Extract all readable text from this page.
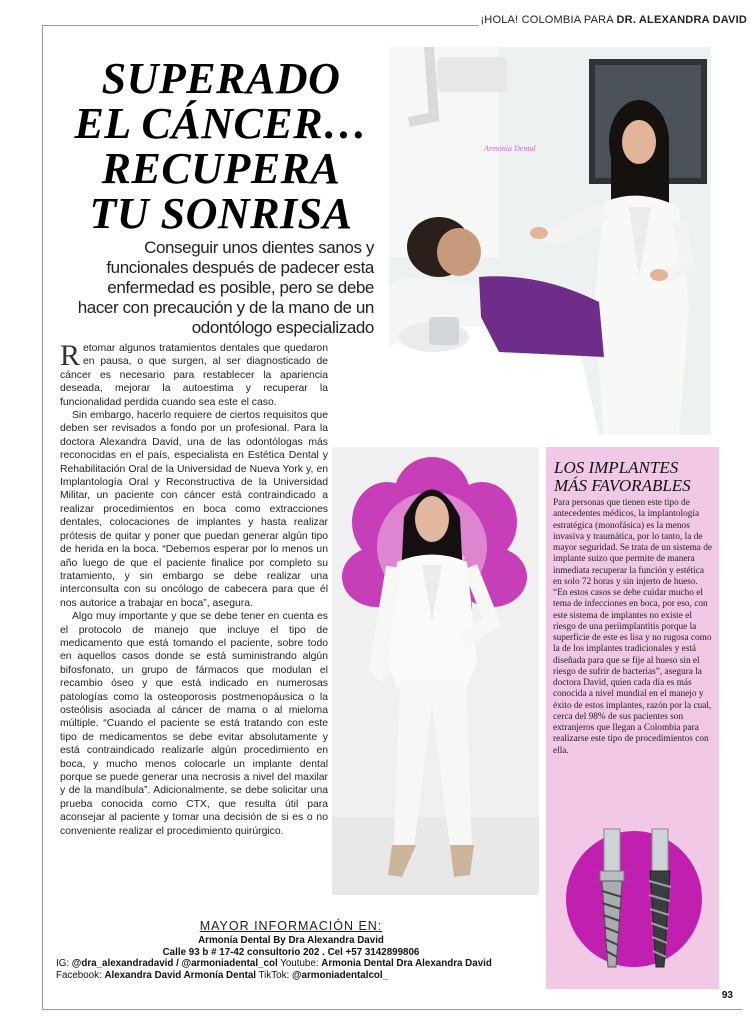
¡HOLA! COLOMBIA PARA DR. ALEXANDRA DAVID
SUPERADO
EL CÁNCER…
RECUPERA
TU SONRISA
Conseguir unos dientes sanos y funcionales después de padecer esta enfermedad es posible, pero se debe hacer con precaución y de la mano de un odontólogo especializado
Armonía Dental

Retomar algunos tratamientos dentales que quedaron en pausa, o que surgen, al ser diagnosticado de cáncer es necesario para restablecer la apariencia deseada, mejorar la autoestima y recuperar la funcionalidad perdida cuando sea este el caso.

Sin embargo, hacerlo requiere de ciertos requisitos que deben ser revisados a fondo por un profesional. Para la doctora Alexandra David, una de las odontólogas más reconocidas en el país, especialista en Estética Dental y Rehabilitación Oral de la Universidad de Nueva York y, en Implantología Oral y Reconstructiva de la Universidad Militar, un paciente con cáncer está contraindicado a realizar procedimientos en boca como extracciones dentales, colocaciones de implantes y hasta realizar prótesis de quitar y poner que puedan generar algún tipo de herida en la boca. “Debemos esperar por lo menos un año luego de que el paciente finalice por completo su tratamiento, y sin embargo se debe realizar una interconsulta con su oncólogo de cabecera para que él nos autorice a trabajar en boca”, asegura.

Algo muy importante y que se debe tener en cuenta es el protocolo de manejo que incluye el tipo de medicamento que está tomando el paciente, sobre todo en aquellos casos donde se está suministrando algún bifosfonato, un grupo de fármacos que modulan el recambio óseo y que está indicado en numerosas patologías como la osteoporosis postmenopáusica o la osteólisis asociada al cáncer de mama o al mieloma múltiple. “Cuando el paciente se está tratando con este tipo de medicamentos se debe evitar absolutamente y está contraindicado realizarle algún procedimiento en boca, y mucho menos colocarle un implante dental porque se puede generar una necrosis a nivel del maxilar y de la mandíbula”. Adicionalmente, se debe solicitar una prueba conocida como CTX, que resulta útil para aconsejar al paciente y tomar una decisión de si es o no conveniente realizar el procedimiento quirúrgico.

LOS IMPLANTES
MÁS FAVORABLES
Para personas que tienen este tipo de antecedentes médicos, la implantología estratégica (monofásica) es la menos invasiva y traumática, por lo tanto, la de mayor seguridad. Se trata de un sistema de implante suizo que permite de manera inmediata recuperar la función y estética en solo 72 horas y sin injerto de hueso. “En estos casos se debe cuidar mucho el tema de infecciones en boca, por eso, con este sistema de implantes no existe el riesgo de una periimplantitis porque la superficie de este es lisa y no rugosa como la de los implantes tradicionales y está diseñada para que se fije al hueso sin el riesgo de sufrir de bacterias”, asegura la doctora David, quien cada día es más conocida a nivel mundial en el manejo y éxito de estos implantes, razón por la cual, cerca del 98% de sus pacientes son extranjeros que llegan a Colombia para realizarse este tipo de procedimientos con ella.
MAYOR INFORMACIÓN EN:
Armonía Dental By Dra Alexandra David
Calle 93 b # 17-42 consultorio 202 . Cel +57 3142899806
IG: @dra_alexandradavid / @armoniadental_col Youtube: Armonia Dental Dra Alexandra David
Facebook: Alexandra David Armonía Dental TikTok: @armoniadentalcol_
93
